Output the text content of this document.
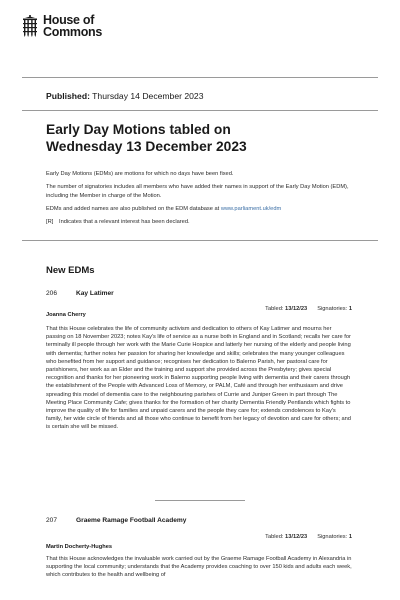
House of
Commons
Published: Thursday 14 December 2023
Early Day Motions tabled on
Wednesday 13 December 2023

Early Day Motions (EDMs) are motions for which no days have been fixed.

The number of signatories includes all members who have added their names in support of the Early Day Motion (EDM), including the Member in charge of the Motion.

EDMs and added names are also published on the EDM database at www.parliament.uk/edm

[R]	Indicates that a relevant interest has been declared.

New EDMs
206	Kay Latimer
Tabled: 13/12/23 Signatories: 1
Joanna Cherry

That this House celebrates the life of community activism and dedication to others of Kay Latimer and mourns her passing on 18 November 2023; notes Kay's life of service as a nurse both in England and in Scotland; recalls her care for terminally ill people through her work with the Marie Curie Hospice and latterly her nursing of the elderly and people living with dementia; further notes her passion for sharing her knowledge and skills; celebrates the many younger colleagues who benefited from her support and guidance; recognises her dedication to Balerno Parish, her pastoral care for parishioners, her work as an Elder and the training and support she provided across the Presbytery; gives special recognition and thanks for her pioneering work in Balerno supporting people living with dementia and their carers through the establishment of the People with Advanced Loss of Memory, or PALM, Café and through her enthusiasm and drive spreading this model of dementia care to the neighbouring parishes of Currie and Juniper Green in part through The Meeting Place Community Cafe; gives thanks for the formation of her charity Dementia Friendly Pentlands which fights to improve the quality of life for families and unpaid carers and the people they care for; extends condolences to Kay's family, her wide circle of friends and all those who continue to benefit from her legacy of devotion and care for others; and is certain she will be missed.

207	Graeme Ramage Football Academy
Tabled: 13/12/23 Signatories: 1
Martin Docherty-Hughes

That this House acknowledges the invaluable work carried out by the Graeme Ramage Football Academy in Alexandria in supporting the local community; understands that the Academy provides coaching to over 150 kids and adults each week, which contributes to the health and wellbeing of
